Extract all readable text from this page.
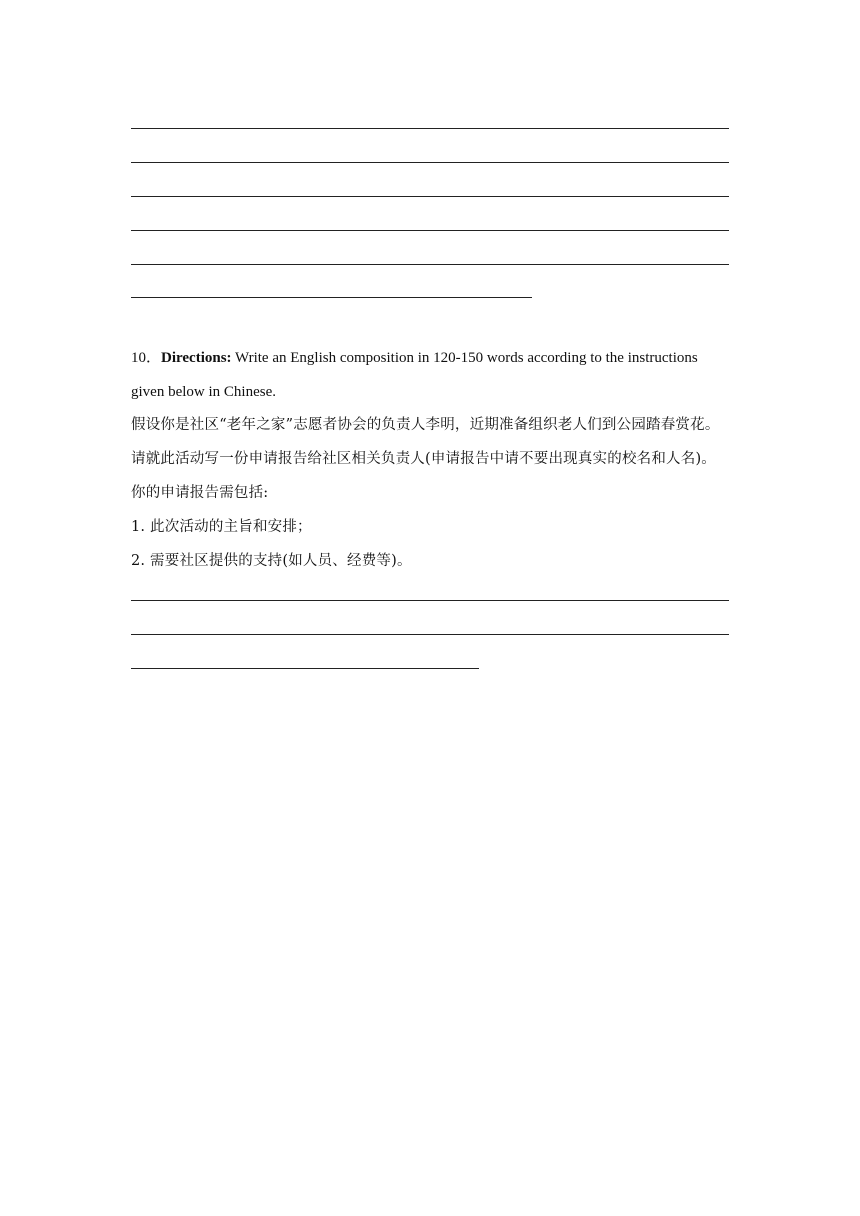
10．Directions: Write an English composition in 120-150 words according to the instructions
given below in Chinese.
假设你是社区“老年之家”志愿者协会的负责人李明，近期准备组织老人们到公园踏春赏花。
请就此活动写一份申请报告给社区相关负责人(申请报告中请不要出现真实的校名和人名)。
你的申请报告需包括:
1. 此次活动的主旨和安排；
2. 需要社区提供的支持(如人员、经费等)。
